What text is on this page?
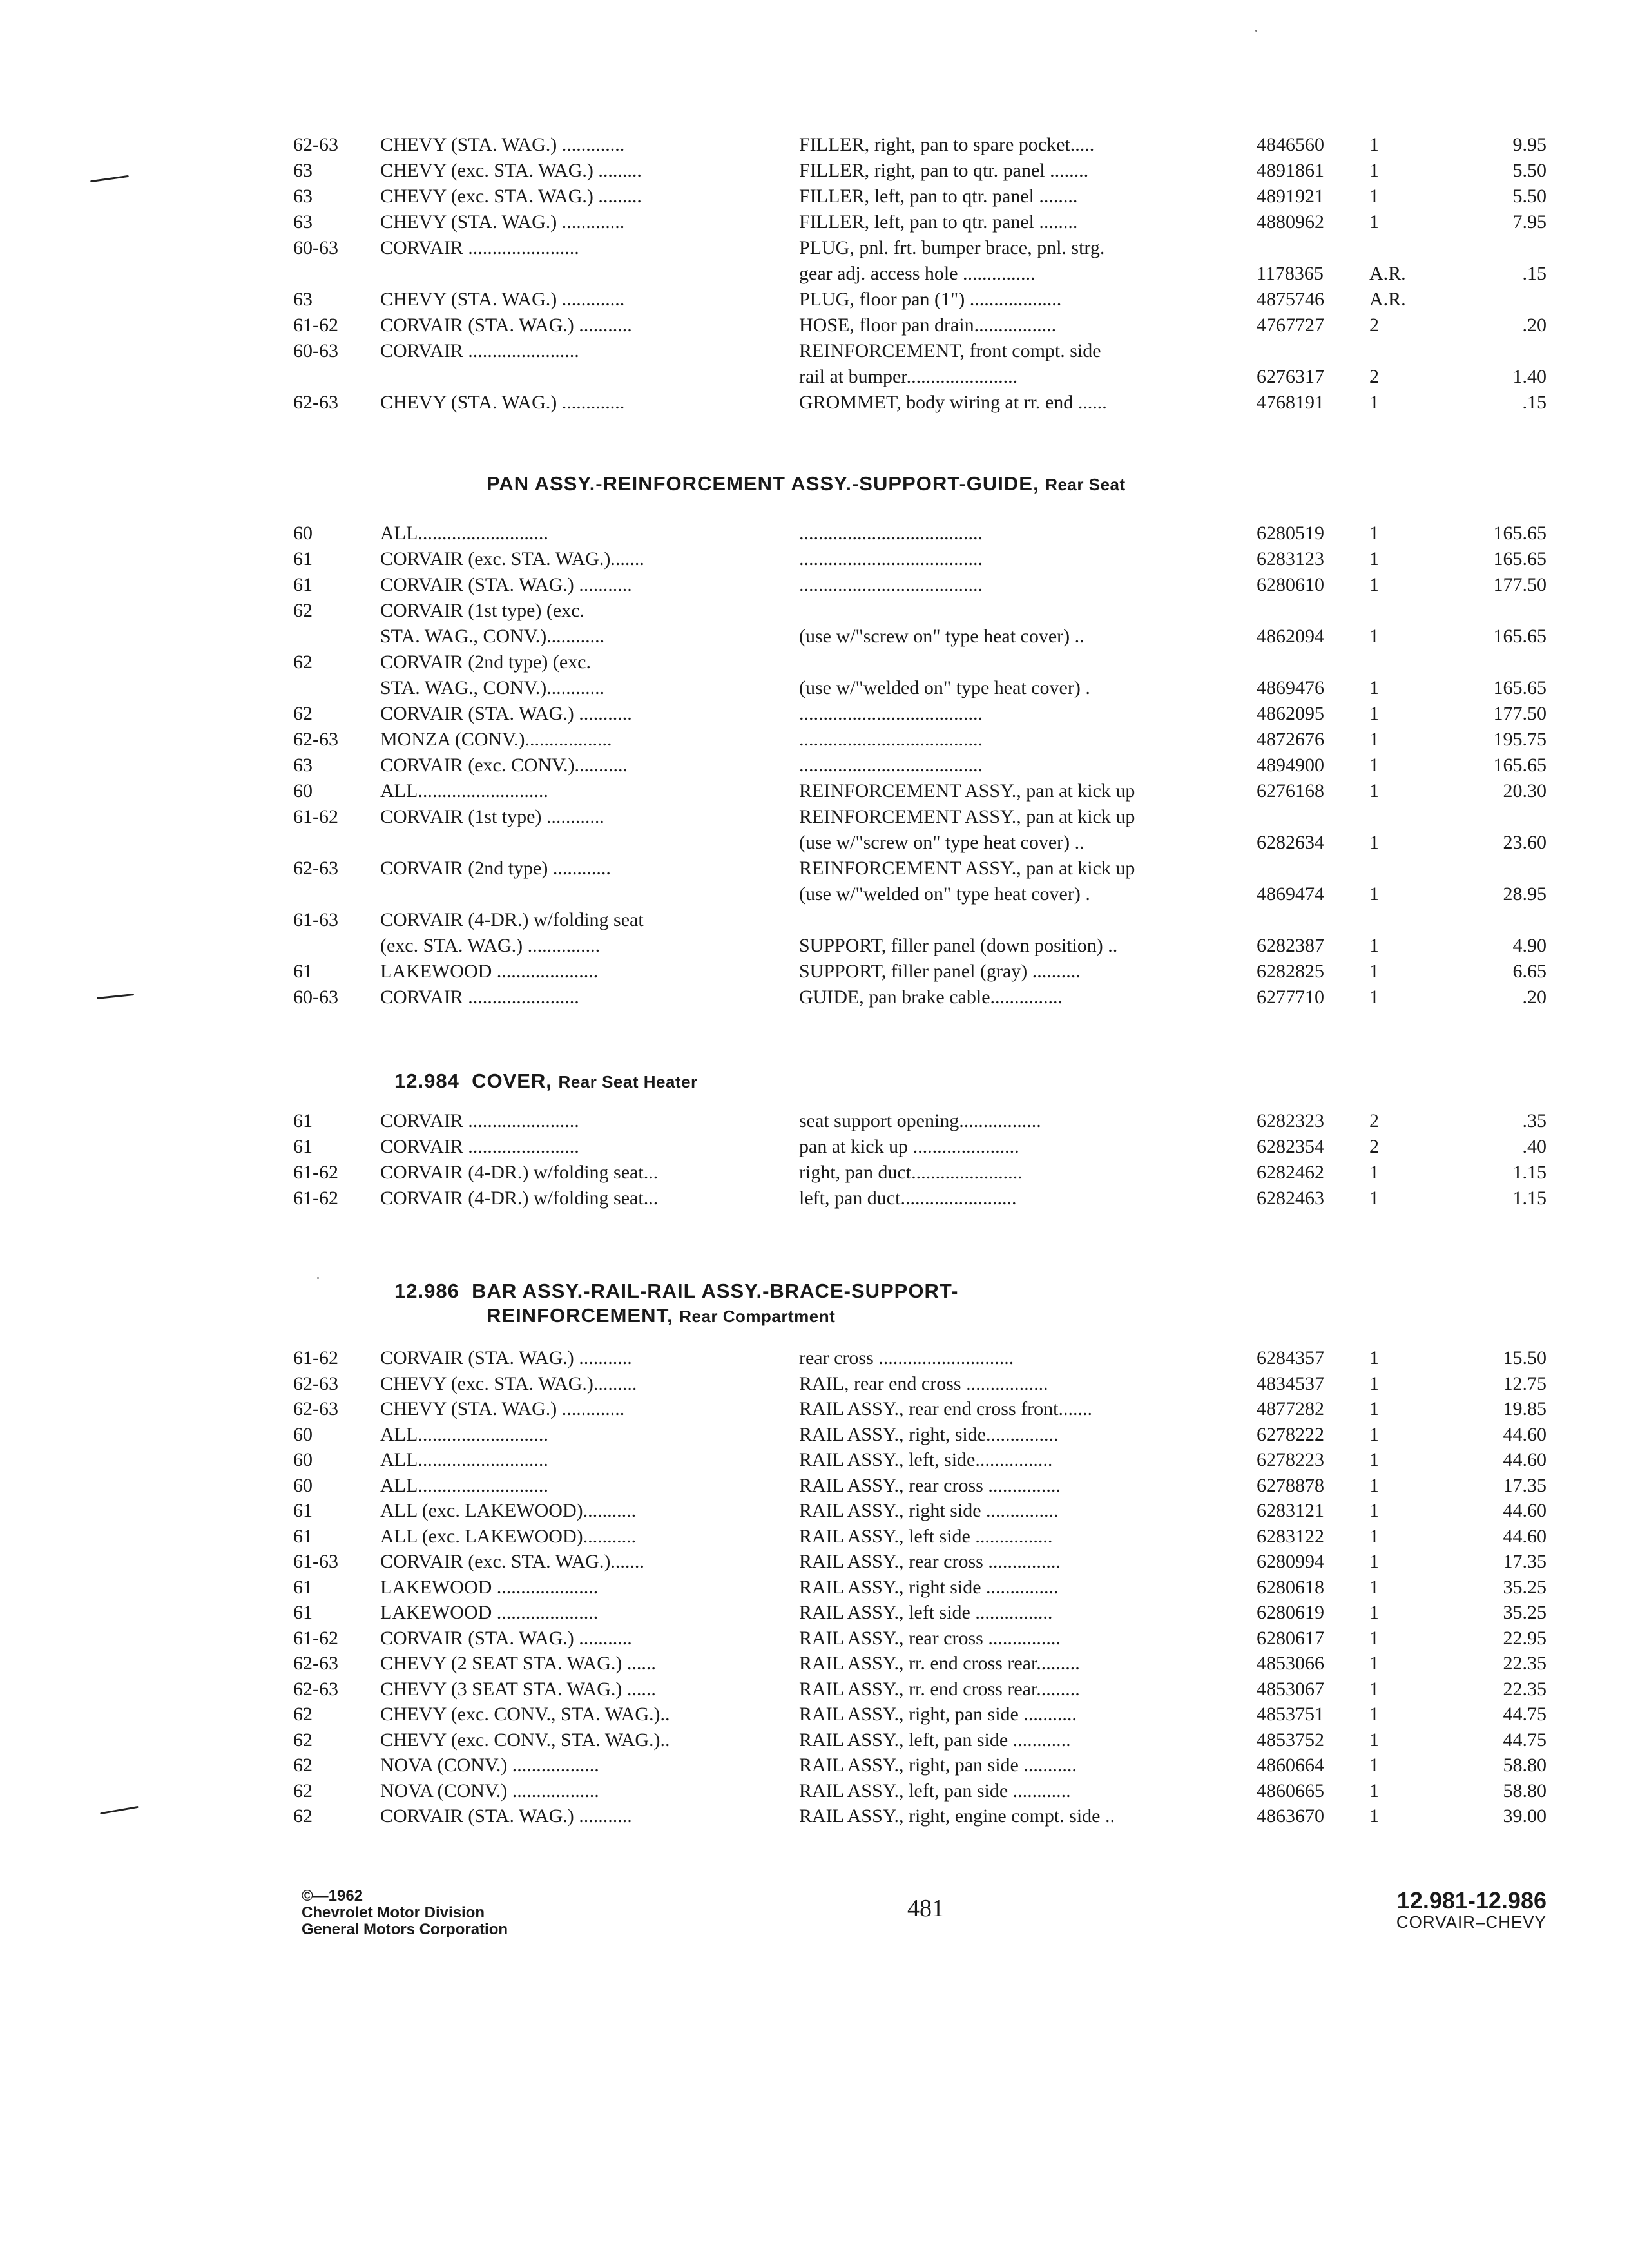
62-63	CHEVY (STA. WAG.) .............	FILLER, right, pan to spare pocket.....	4846560	1	9.95
63	CHEVY (exc. STA. WAG.) .........	FILLER, right, pan to qtr. panel ........	4891861	1	5.50
63	CHEVY (exc. STA. WAG.) .........	FILLER, left, pan to qtr. panel ........	4891921	1	5.50
63	CHEVY (STA. WAG.) .............	FILLER, left, pan to qtr. panel ........	4880962	1	7.95
60-63	CORVAIR .......................	PLUG, pnl. frt. bumper brace, pnl. strg.
gear adj. access hole ...............	1178365	A.R.	.15
63	CHEVY (STA. WAG.) .............	PLUG, floor pan (1") ...................	4875746	A.R.
61-62	CORVAIR (STA. WAG.) ...........	HOSE, floor pan drain.................	4767727	2	.20
60-63	CORVAIR .......................	REINFORCEMENT, front compt. side
rail at bumper.......................	6276317	2	1.40
62-63	CHEVY (STA. WAG.) .............	GROMMET, body wiring at rr. end ......	4768191	1	.15
PAN ASSY.-REINFORCEMENT ASSY.-SUPPORT-GUIDE, Rear Seat
60	ALL...........................	......................................	6280519	1	165.65
61	CORVAIR (exc. STA. WAG.).......	......................................	6283123	1	165.65
61	CORVAIR (STA. WAG.) ...........	......................................	6280610	1	177.50
62	CORVAIR (1st type) (exc.
STA. WAG., CONV.)............	(use w/"screw on" type heat cover) ..	4862094	1	165.65
62	CORVAIR (2nd type) (exc.
STA. WAG., CONV.)............	(use w/"welded on" type heat cover) .	4869476	1	165.65
62	CORVAIR (STA. WAG.) ...........	......................................	4862095	1	177.50
62-63	MONZA (CONV.)..................	......................................	4872676	1	195.75
63	CORVAIR (exc. CONV.)...........	......................................	4894900	1	165.65
60	ALL...........................	REINFORCEMENT ASSY., pan at kick up	6276168	1	20.30
61-62	CORVAIR (1st type) ............	REINFORCEMENT ASSY., pan at kick up
(use w/"screw on" type heat cover) ..	6282634	1	23.60
62-63	CORVAIR (2nd type) ............	REINFORCEMENT ASSY., pan at kick up
(use w/"welded on" type heat cover) .	4869474	1	28.95
61-63	CORVAIR (4-DR.) w/folding seat
(exc. STA. WAG.) ...............	SUPPORT, filler panel (down position) ..	6282387	1	4.90
61	LAKEWOOD .....................	SUPPORT, filler panel (gray) ..........	6282825	1	6.65
60-63	CORVAIR .......................	GUIDE, pan brake cable...............	6277710	1	.20
12.984 COVER, Rear Seat Heater
61	CORVAIR .......................	seat support opening.................	6282323	2	.35
61	CORVAIR .......................	pan at kick up ......................	6282354	2	.40
61-62	CORVAIR (4-DR.) w/folding seat...	right, pan duct.......................	6282462	1	1.15
61-62	CORVAIR (4-DR.) w/folding seat...	left, pan duct........................	6282463	1	1.15
12.986 BAR ASSY.-RAIL-RAIL ASSY.-BRACE-SUPPORT-
REINFORCEMENT, Rear Compartment
61-62	CORVAIR (STA. WAG.) ...........	rear cross ............................	6284357	1	15.50
62-63	CHEVY (exc. STA. WAG.).........	RAIL, rear end cross .................	4834537	1	12.75
62-63	CHEVY (STA. WAG.) .............	RAIL ASSY., rear end cross front.......	4877282	1	19.85
60	ALL...........................	RAIL ASSY., right, side...............	6278222	1	44.60
60	ALL...........................	RAIL ASSY., left, side................	6278223	1	44.60
60	ALL...........................	RAIL ASSY., rear cross ...............	6278878	1	17.35
61	ALL (exc. LAKEWOOD)...........	RAIL ASSY., right side ...............	6283121	1	44.60
61	ALL (exc. LAKEWOOD)...........	RAIL ASSY., left side ................	6283122	1	44.60
61-63	CORVAIR (exc. STA. WAG.).......	RAIL ASSY., rear cross ...............	6280994	1	17.35
61	LAKEWOOD .....................	RAIL ASSY., right side ...............	6280618	1	35.25
61	LAKEWOOD .....................	RAIL ASSY., left side ................	6280619	1	35.25
61-62	CORVAIR (STA. WAG.) ...........	RAIL ASSY., rear cross ...............	6280617	1	22.95
62-63	CHEVY (2 SEAT STA. WAG.) ......	RAIL ASSY., rr. end cross rear.........	4853066	1	22.35
62-63	CHEVY (3 SEAT STA. WAG.) ......	RAIL ASSY., rr. end cross rear.........	4853067	1	22.35
62	CHEVY (exc. CONV., STA. WAG.)..	RAIL ASSY., right, pan side ...........	4853751	1	44.75
62	CHEVY (exc. CONV., STA. WAG.)..	RAIL ASSY., left, pan side ............	4853752	1	44.75
62	NOVA (CONV.) ..................	RAIL ASSY., right, pan side ...........	4860664	1	58.80
62	NOVA (CONV.) ..................	RAIL ASSY., left, pan side ............	4860665	1	58.80
62	CORVAIR (STA. WAG.) ...........	RAIL ASSY., right, engine compt. side ..	4863670	1	39.00
©—1962
Chevrolet Motor Division
General Motors Corporation
481	12.981-12.986
CORVAIR–CHEVY
